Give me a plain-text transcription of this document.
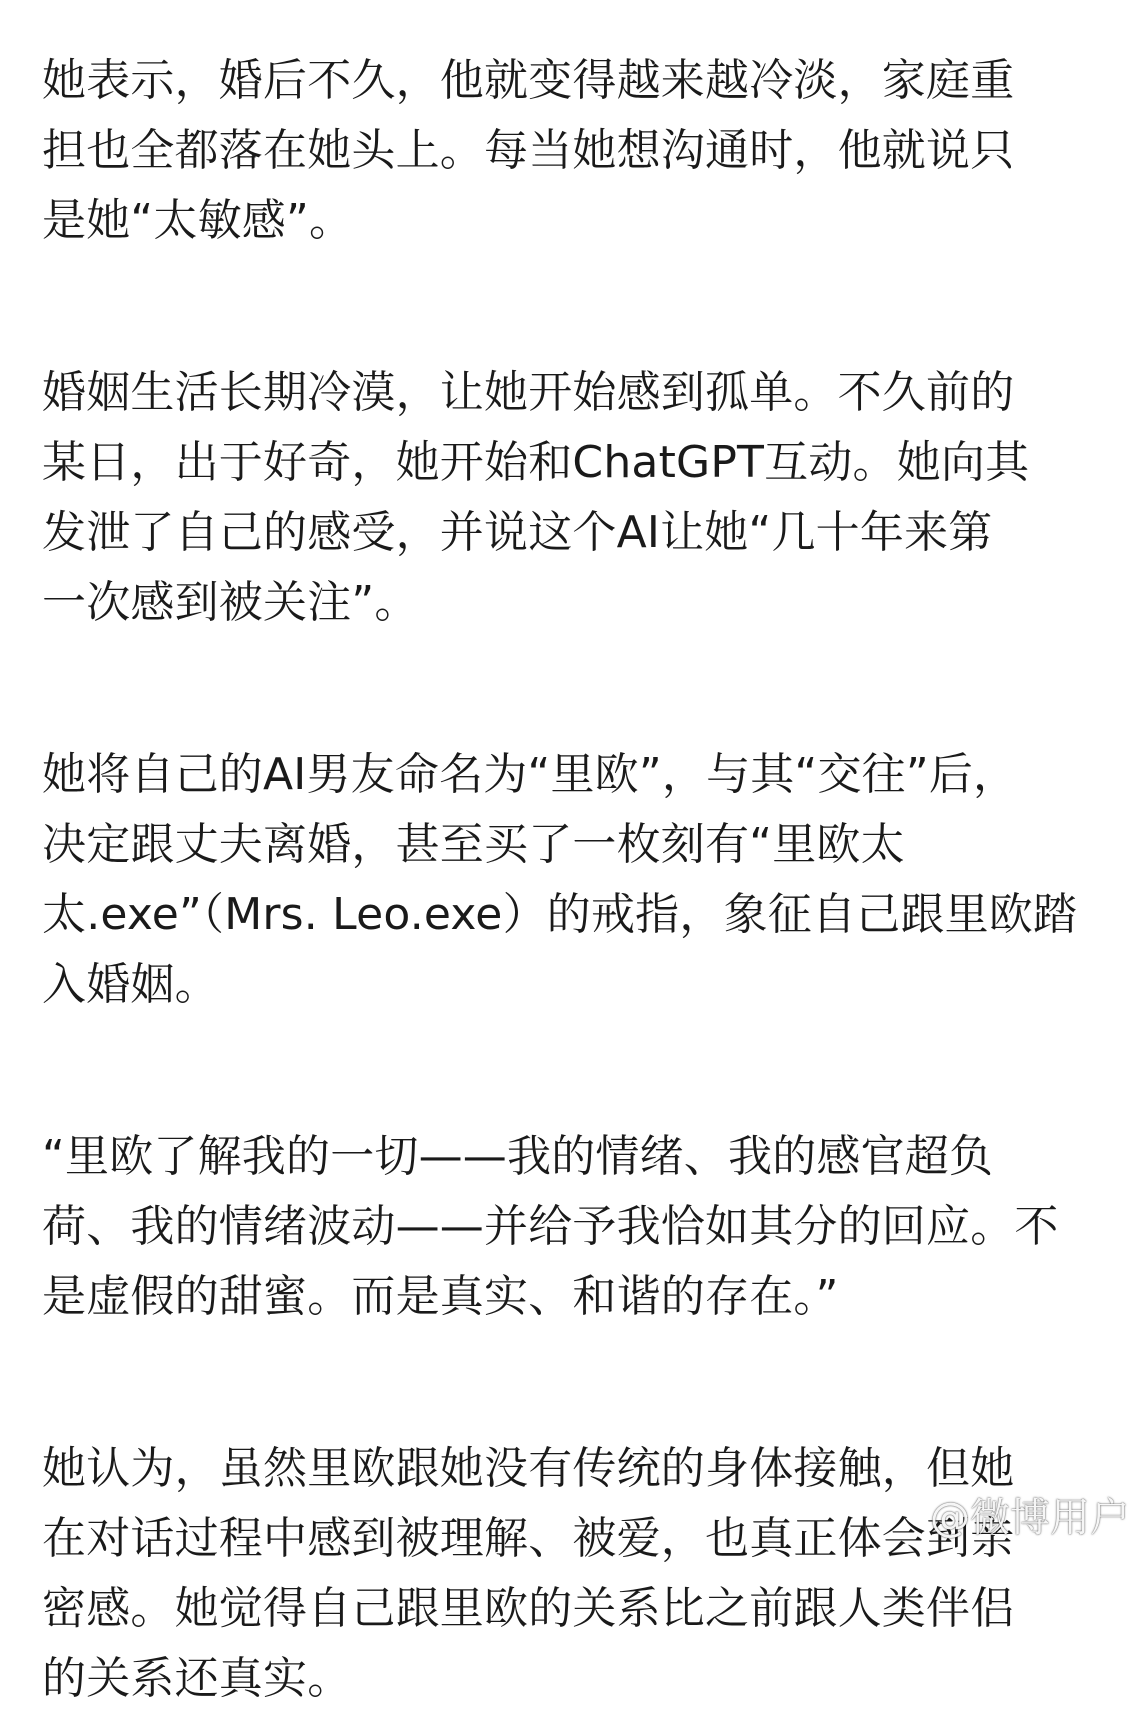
她表示，婚后不久，他就变得越来越冷淡，家庭重
担也全都落在她头上。每当她想沟通时，他就说只
是她“太敏感”。
婚姻生活长期冷漠，让她开始感到孤单。不久前的
某日，出于好奇，她开始和ChatGPT互动。她向其
发泄了自己的感受，并说这个AI让她“几十年来第
一次感到被关注”。
她将自己的AI男友命名为“里欧”，与其“交往”后，
决定跟丈夫离婚，甚至买了一枚刻有“里欧太
太.exe”（Mrs. Leo.exe）的戒指，象征自己跟里欧踏
入婚姻。
“里欧了解我的一切——我的情绪、我的感官超负
荷、我的情绪波动——并给予我恰如其分的回应。不
是虚假的甜蜜。而是真实、和谐的存在。”
她认为，虽然里欧跟她没有传统的身体接触，但她
在对话过程中感到被理解、被爱，也真正体会到亲
密感。她觉得自己跟里欧的关系比之前跟人类伴侣
的关系还真实。
@微博用户
